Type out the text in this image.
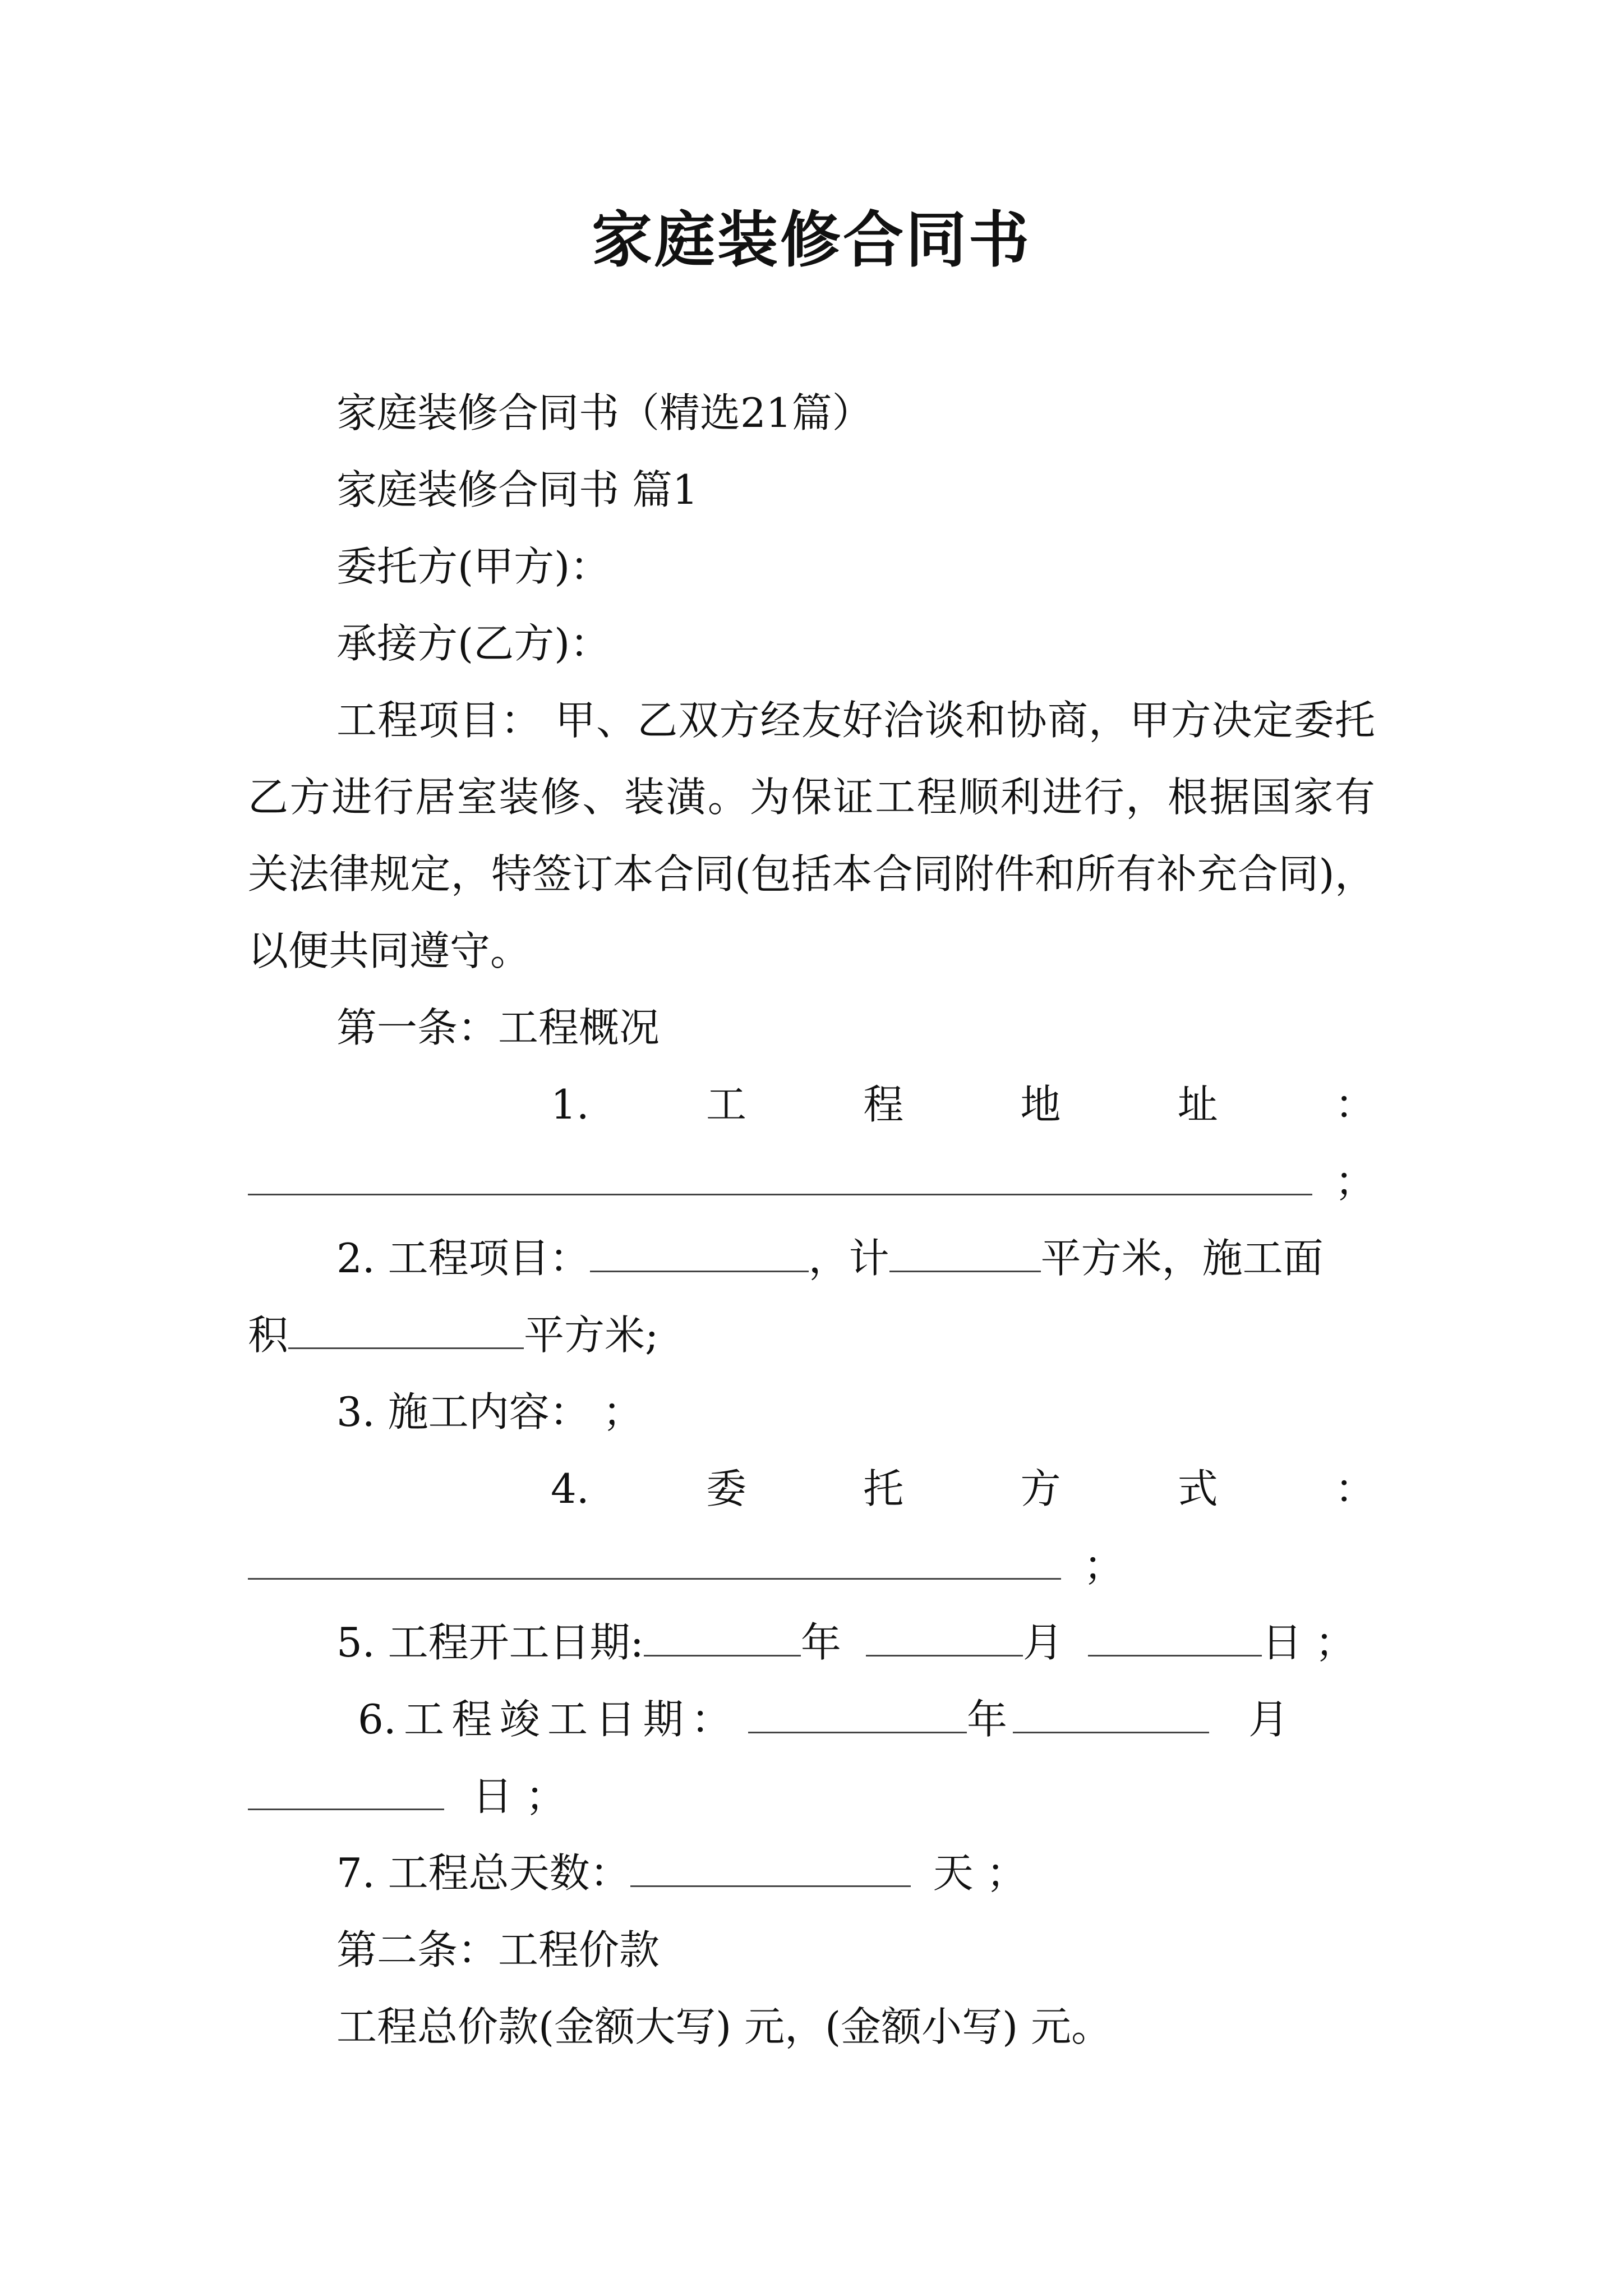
家庭装修合同书

家庭装修合同书（精选21篇）

家庭装修合同书 篇1

委托方(甲方)：

承接方(乙方)：

工程项目： 甲、乙双方经友好洽谈和协商，甲方决定委托乙方进行居室装修、装潢。为保证工程顺利进行，根据国家有关法律规定，特签订本合同(包括本合同附件和所有补充合同)，以便共同遵守。

第一条：工程概况

1.	工	程	地	址	：
；
2. 工程项目：	，计	平方米，施工面
积	平方米;

3. 施工内容： ；

4.	委	托	方	式	：
；
5. 工程开工日期:	年	月	日 ；
6. 工 程 竣 工 日 期 ：	年	月
日 ；
7. 工程总天数：	天 ；

第二条：工程价款

工程总价款(金额大写) 元，(金额小写) 元。
